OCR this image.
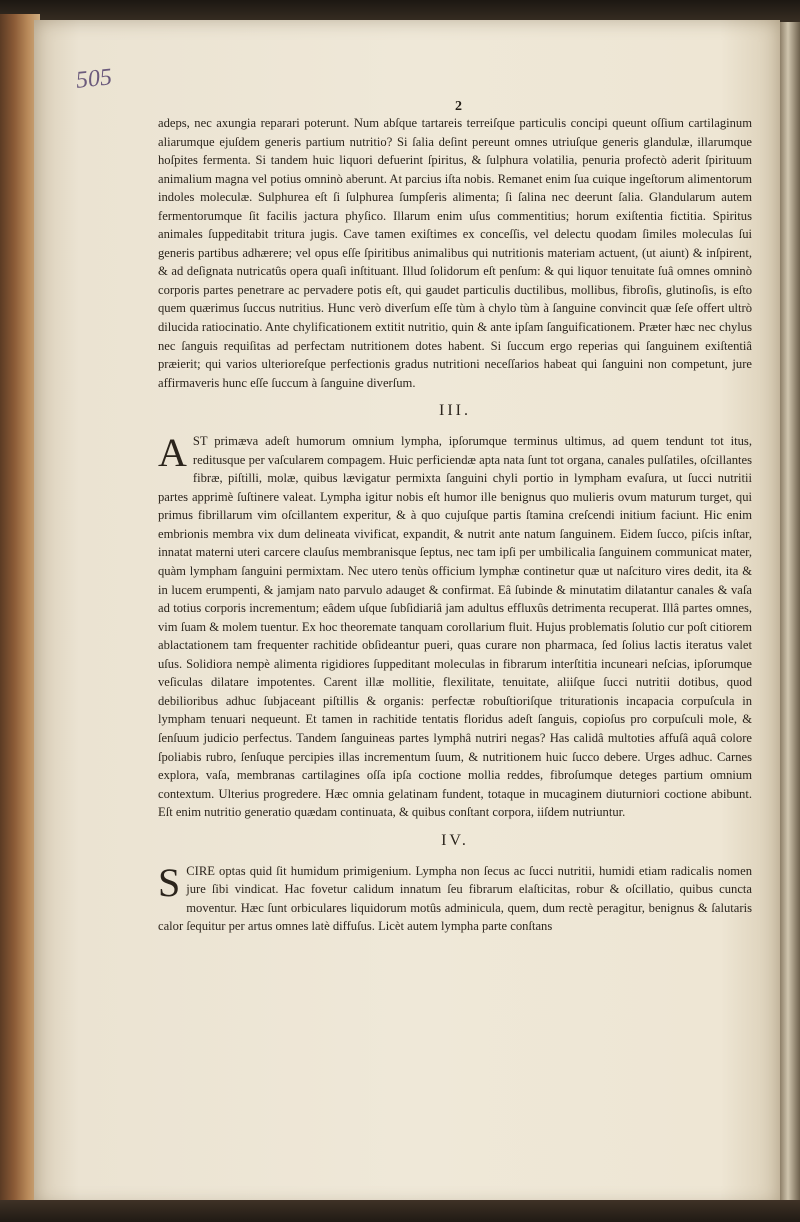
505
2

adeps, nec axungia reparari poterunt. Num abſque tartareis terreiſque particulis concipi queunt oſſium cartilaginum aliarumque ejuſdem generis partium nutritio? Si ſalia deſint pereunt omnes utriuſque generis glandulæ, illarumque hoſpites fermenta. Si tandem huic liquori defuerint ſpiritus, & ſulphura volatilia, penuria profectò aderit ſpirituum animalium magna vel potius omninò aberunt. At parcius iſta nobis. Remanet enim ſua cuique ingeſtorum alimentorum indoles moleculæ. Sulphurea eſt ſi ſulphurea ſumpſeris alimenta; ſi ſalina nec deerunt ſalia. Glandularum autem fermentorumque ſit facilis jactura phyſico. Illarum enim uſus commentitius; horum exiſtentia fictitia. Spiritus animales ſuppeditabit tritura jugis. Cave tamen exiſtimes ex conceſſis, vel delectu quodam ſimiles moleculas ſui generis partibus adhærere; vel opus eſſe ſpiritibus animalibus qui nutritionis materiam actuent, (ut aiunt) & inſpirent, & ad deſignata nutricatûs opera quaſi inſtituant. Illud ſolidorum eſt penſum: & qui liquor tenuitate ſuâ omnes omninò corporis partes penetrare ac pervadere potis eſt, qui gaudet particulis ductilibus, mollibus, fibroſis, glutinoſis, is eſto quem quærimus ſuccus nutritius. Hunc verò diverſum eſſe tùm à chylo tùm à ſanguine convincit quæ ſeſe offert ultrò dilucida ratiocinatio. Ante chylificationem extitit nutritio, quin & ante ipſam ſanguificationem. Præter hæc nec chylus nec ſanguis requiſitas ad perfectam nutritionem dotes habent. Si ſuccum ergo reperias qui ſanguinem exiſtentiâ præierit; qui varios ulterioreſque perfectionis gradus nutritioni neceſſarios habeat qui ſanguini non competunt, jure affirmaveris hunc eſſe ſuccum à ſanguine diverſum.

III.

AST primæva adeſt humorum omnium lympha, ipſorumque terminus ultimus, ad quem tendunt tot itus, reditusque per vaſcularem compagem. Huic perficiendæ apta nata ſunt tot organa, canales pulſatiles, oſcillantes fibræ, piſtilli, molæ, quibus lævigatur permixta ſanguini chyli portio in lympham evaſura, ut ſucci nutritii partes apprimè ſuſtinere valeat. Lympha igitur nobis eſt humor ille benignus quo mulieris ovum maturum turget, qui primus fibrillarum vim oſcillantem experitur, & à quo cujuſque partis ſtamina creſcendi initium faciunt. Hic enim embrionis membra vix dum delineata vivificat, expandit, & nutrit ante natum ſanguinem. Eidem ſucco, piſcis inſtar, innatat materni uteri carcere clauſus membranisque ſeptus, nec tam ipſi per umbilicalia ſanguinem communicat mater, quàm lympham ſanguini permixtam. Nec utero tenùs officium lymphæ continetur quæ ut naſcituro vires dedit, ita & in lucem erumpenti, & jamjam nato parvulo adauget & confirmat. Eâ ſubinde & minutatim dilatantur canales & vaſa ad totius corporis incrementum; eâdem uſque ſubſidiariâ jam adultus effluxûs detrimenta recuperat. Illâ partes omnes, vim ſuam & molem tuentur. Ex hoc theoremate tanquam corollarium fluit. Hujus problematis ſolutio cur poſt citiorem ablactationem tam frequenter rachitide obſideantur pueri, quas curare non pharmaca, ſed ſolius lactis iteratus valet uſus. Solidiora nempè alimenta rigidiores ſuppeditant moleculas in fibrarum interſtitia incuneari neſcias, ipſorumque veſiculas dilatare impotentes. Carent illæ mollitie, flexilitate, tenuitate, aliiſque ſucci nutritii dotibus, quod debilioribus adhuc ſubjaceant piſtillis & organis: perfectæ robuſtioriſque triturationis incapacia corpuſcula in lympham tenuari nequeunt. Et tamen in rachitide tentatis floridus adeſt ſanguis, copioſus pro corpuſculi mole, & ſenſuum judicio perfectus. Tandem ſanguineas partes lymphâ nutriri negas? Has calidâ multoties affuſâ aquâ colore ſpoliabis rubro, ſenſuque percipies illas incrementum ſuum, & nutritionem huic ſucco debere. Urges adhuc. Carnes explora, vaſa, membranas cartilagines oſſa ipſa coctione mollia reddes, fibroſumque deteges partium omnium contextum. Ulterius progredere. Hæc omnia gelatinam fundent, totaque in mucaginem diuturniori coctione abibunt. Eſt enim nutritio generatio quædam continuata, & quibus conſtant corpora, iiſdem nutriuntur.

IV.

SCIRE optas quid ſit humidum primigenium. Lympha non ſecus ac ſucci nutritii, humidi etiam radicalis nomen jure ſibi vindicat. Hac fovetur calidum innatum ſeu fibrarum elaſticitas, robur & oſcillatio, quibus cuncta moventur. Hæc ſunt orbiculares liquidorum motûs adminicula, quem, dum rectè peragitur, benignus & ſalutaris calor ſequitur per artus omnes latè diffuſus. Licèt autem lympha parte conſtans
